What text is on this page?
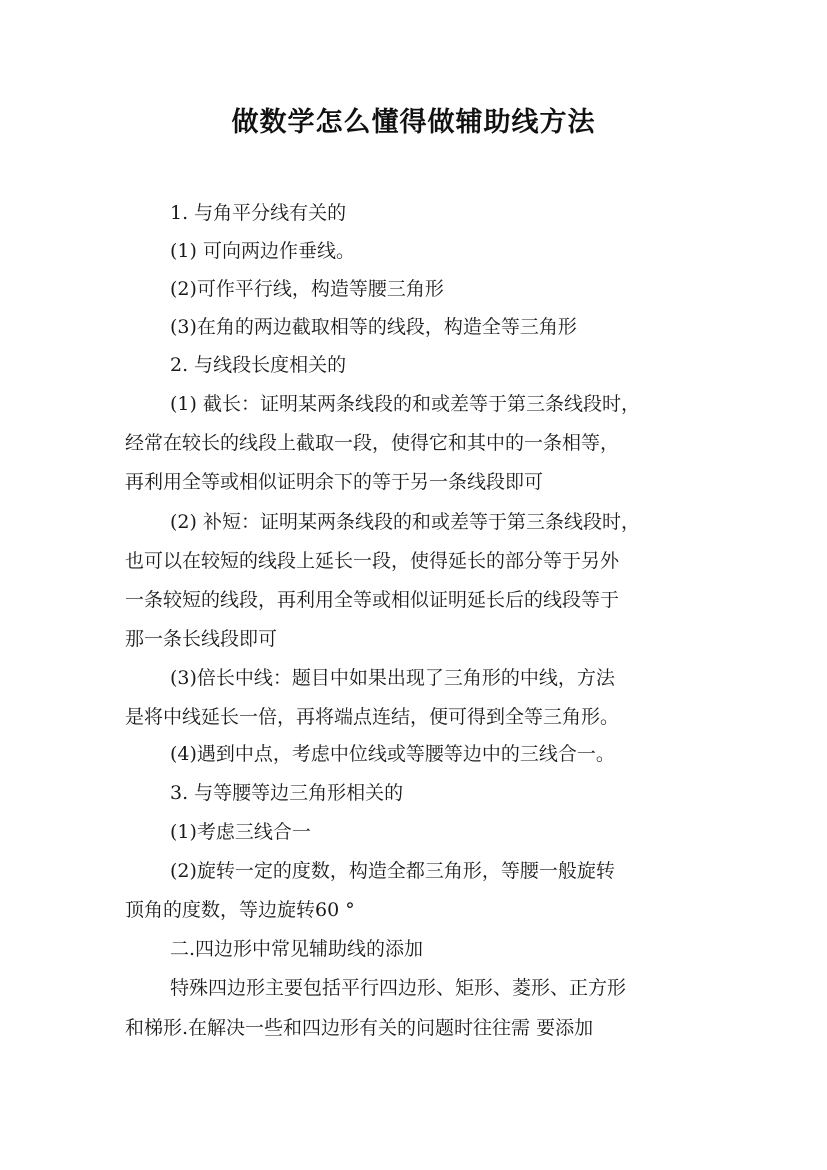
做数学怎么懂得做辅助线方法
1. 与角平分线有关的
(1) 可向两边作垂线。
(2)可作平行线，构造等腰三角形
(3)在角的两边截取相等的线段，构造全等三角形
2. 与线段长度相关的
(1) 截长：证明某两条线段的和或差等于第三条线段时，
经常在较长的线段上截取一段，使得它和其中的一条相等，
再利用全等或相似证明余下的等于另一条线段即可
(2) 补短：证明某两条线段的和或差等于第三条线段时，
也可以在较短的线段上延长一段，使得延长的部分等于另外
一条较短的线段，再利用全等或相似证明延长后的线段等于
那一条长线段即可
(3)倍长中线：题目中如果出现了三角形的中线，方法
是将中线延长一倍，再将端点连结，便可得到全等三角形。
(4)遇到中点，考虑中位线或等腰等边中的三线合一。
3. 与等腰等边三角形相关的
(1)考虑三线合一
(2)旋转一定的度数，构造全都三角形，等腰一般旋转
顶角的度数，等边旋转60 °
二.四边形中常见辅助线的添加
特殊四边形主要包括平行四边形、矩形、菱形、正方形
和梯形.在解决一些和四边形有关的问题时往往需 要添加
